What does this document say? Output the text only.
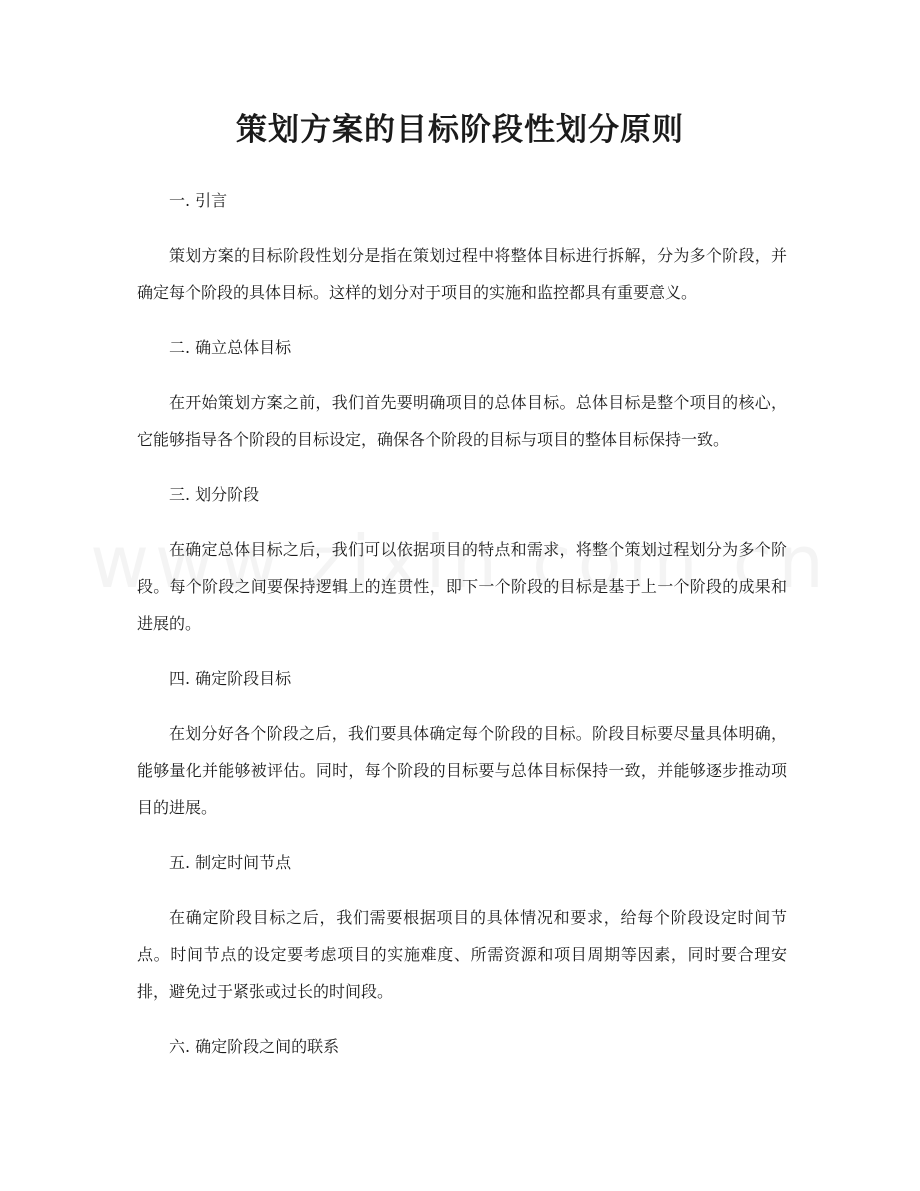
策划方案的目标阶段性划分原则

一. 引言

策划方案的目标阶段性划分是指在策划过程中将整体目标进行拆解，分为多个阶段，并确定每个阶段的具体目标。这样的划分对于项目的实施和监控都具有重要意义。

二. 确立总体目标

在开始策划方案之前，我们首先要明确项目的总体目标。总体目标是整个项目的核心，它能够指导各个阶段的目标设定，确保各个阶段的目标与项目的整体目标保持一致。

三. 划分阶段

在确定总体目标之后，我们可以依据项目的特点和需求，将整个策划过程划分为多个阶段。每个阶段之间要保持逻辑上的连贯性，即下一个阶段的目标是基于上一个阶段的成果和进展的。

四. 确定阶段目标

在划分好各个阶段之后，我们要具体确定每个阶段的目标。阶段目标要尽量具体明确，能够量化并能够被评估。同时，每个阶段的目标要与总体目标保持一致，并能够逐步推动项目的进展。

五. 制定时间节点

在确定阶段目标之后，我们需要根据项目的具体情况和要求，给每个阶段设定时间节点。时间节点的设定要考虑项目的实施难度、所需资源和项目周期等因素，同时要合理安排，避免过于紧张或过长的时间段。

六. 确定阶段之间的联系
